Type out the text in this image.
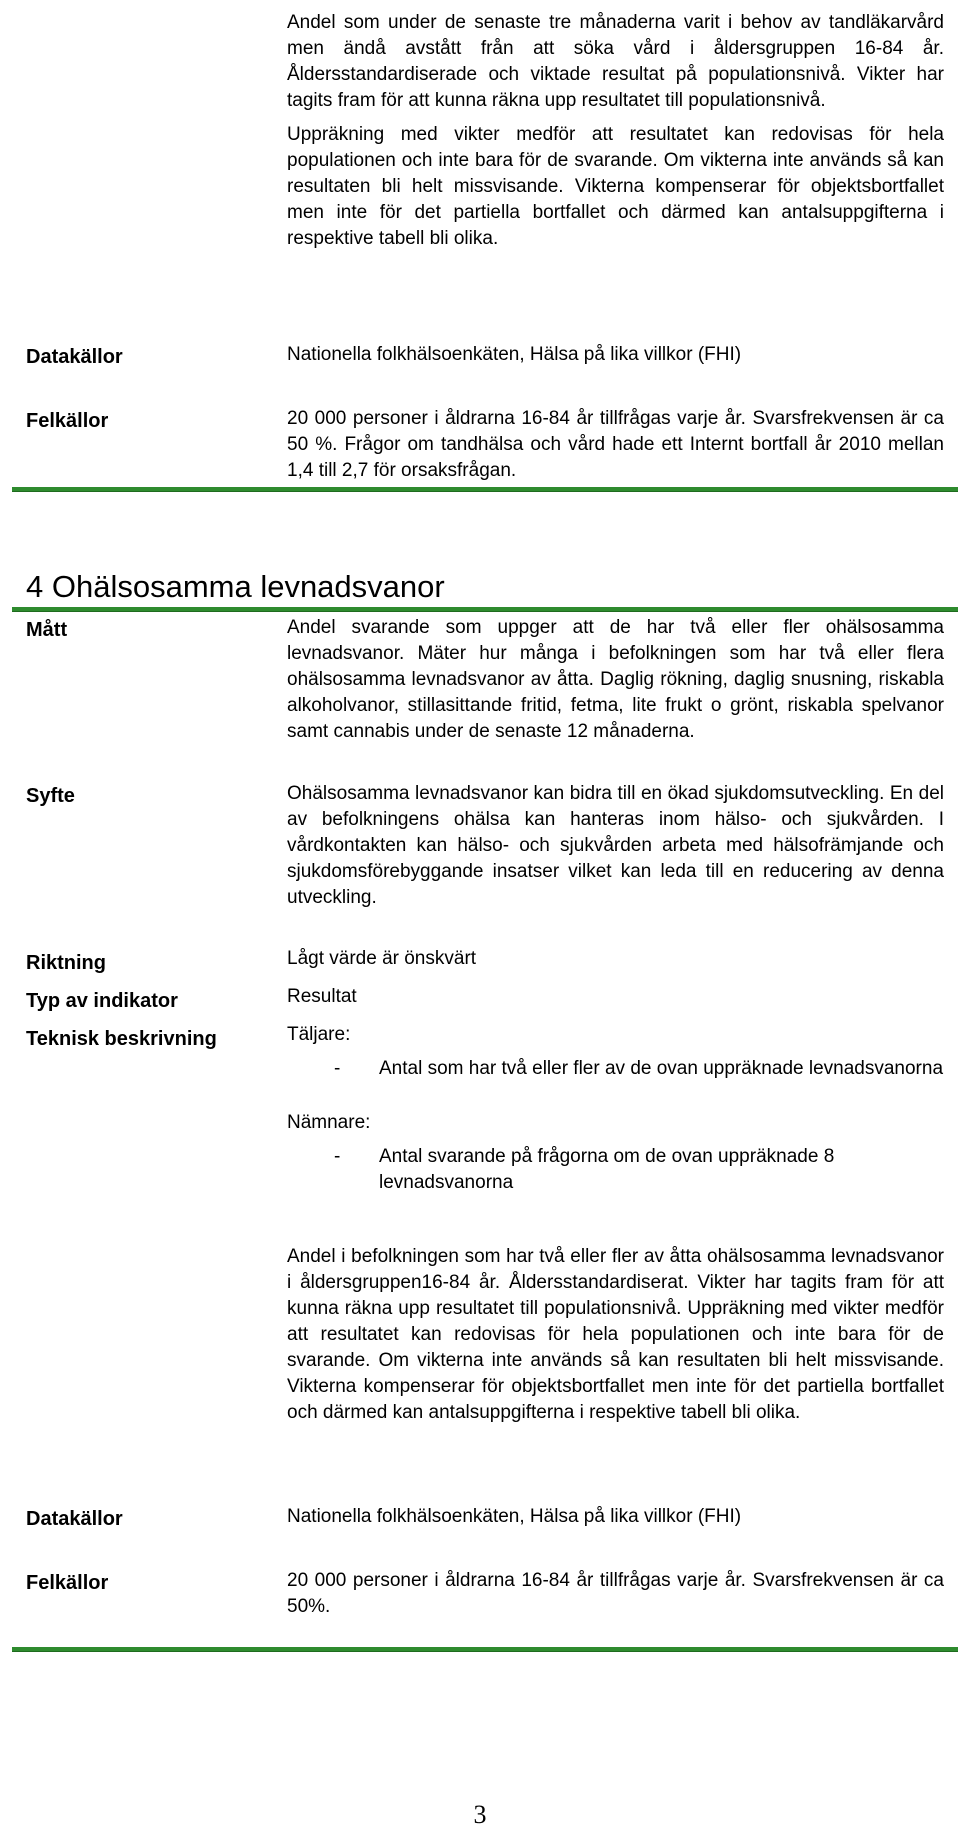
Andel som under de senaste tre månaderna varit i behov av tandläkarvård men ändå avstått från att söka vård i åldersgruppen 16-84 år. Åldersstandardiserade och viktade resultat på populationsnivå. Vikter har tagits fram för att kunna räkna upp resultatet till populationsnivå.

Uppräkning med vikter medför att resultatet kan redovisas för hela populationen och inte bara för de svarande. Om vikterna inte används så kan resultaten bli helt missvisande. Vikterna kompenserar för objektsbortfallet men inte för det partiella bortfallet och därmed kan antalsuppgifterna i respektive tabell bli olika.

Datakällor	Nationella folkhälsoenkäten, Hälsa på lika villkor (FHI)
Felkällor	20 000 personer i åldrarna 16-84 år tillfrågas varje år. Svarsfrekvensen är ca 50 %. Frågor om tandhälsa och vård hade ett Internt bortfall år 2010 mellan 1,4 till 2,7 för orsaksfrågan.
4 Ohälsosamma levnadsvanor
Mått	Andel svarande som uppger att de har två eller fler ohälsosamma levnadsvanor. Mäter hur många i befolkningen som har två eller flera ohälsosamma levnadsvanor av åtta. Daglig rökning, daglig snusning, riskabla alkoholvanor, stillasittande fritid, fetma, lite frukt o grönt, riskabla spelvanor samt cannabis under de senaste 12 månaderna.
Syfte	Ohälsosamma levnadsvanor kan bidra till en ökad sjukdomsutveckling. En del av befolkningens ohälsa kan hanteras inom hälso- och sjukvården. I vårdkontakten kan hälso- och sjukvården arbeta med hälsofrämjande och sjukdomsförebyggande insatser vilket kan leda till en reducering av denna utveckling.
Riktning	Lågt värde är önskvärt
Typ av indikator	Resultat
Teknisk beskrivning	Täljare:
- Antal som har två eller fler av de ovan uppräknade levnadsvanorna
Nämnare:
- Antal svarande på frågorna om de ovan uppräknade 8 levnadsvanorna
Andel i befolkningen som har två eller fler av åtta ohälsosamma levnadsvanor i åldersgruppen16-84 år. Åldersstandardiserat. Vikter har tagits fram för att kunna räkna upp resultatet till populationsnivå. Uppräkning med vikter medför att resultatet kan redovisas för hela populationen och inte bara för de svarande. Om vikterna inte används så kan resultaten bli helt missvisande. Vikterna kompenserar för objektsbortfallet men inte för det partiella bortfallet och därmed kan antalsuppgifterna i respektive tabell bli olika.
Datakällor	Nationella folkhälsoenkäten, Hälsa på lika villkor (FHI)
Felkällor	20 000 personer i åldrarna 16-84 år tillfrågas varje år. Svarsfrekvensen är ca 50%.
3
